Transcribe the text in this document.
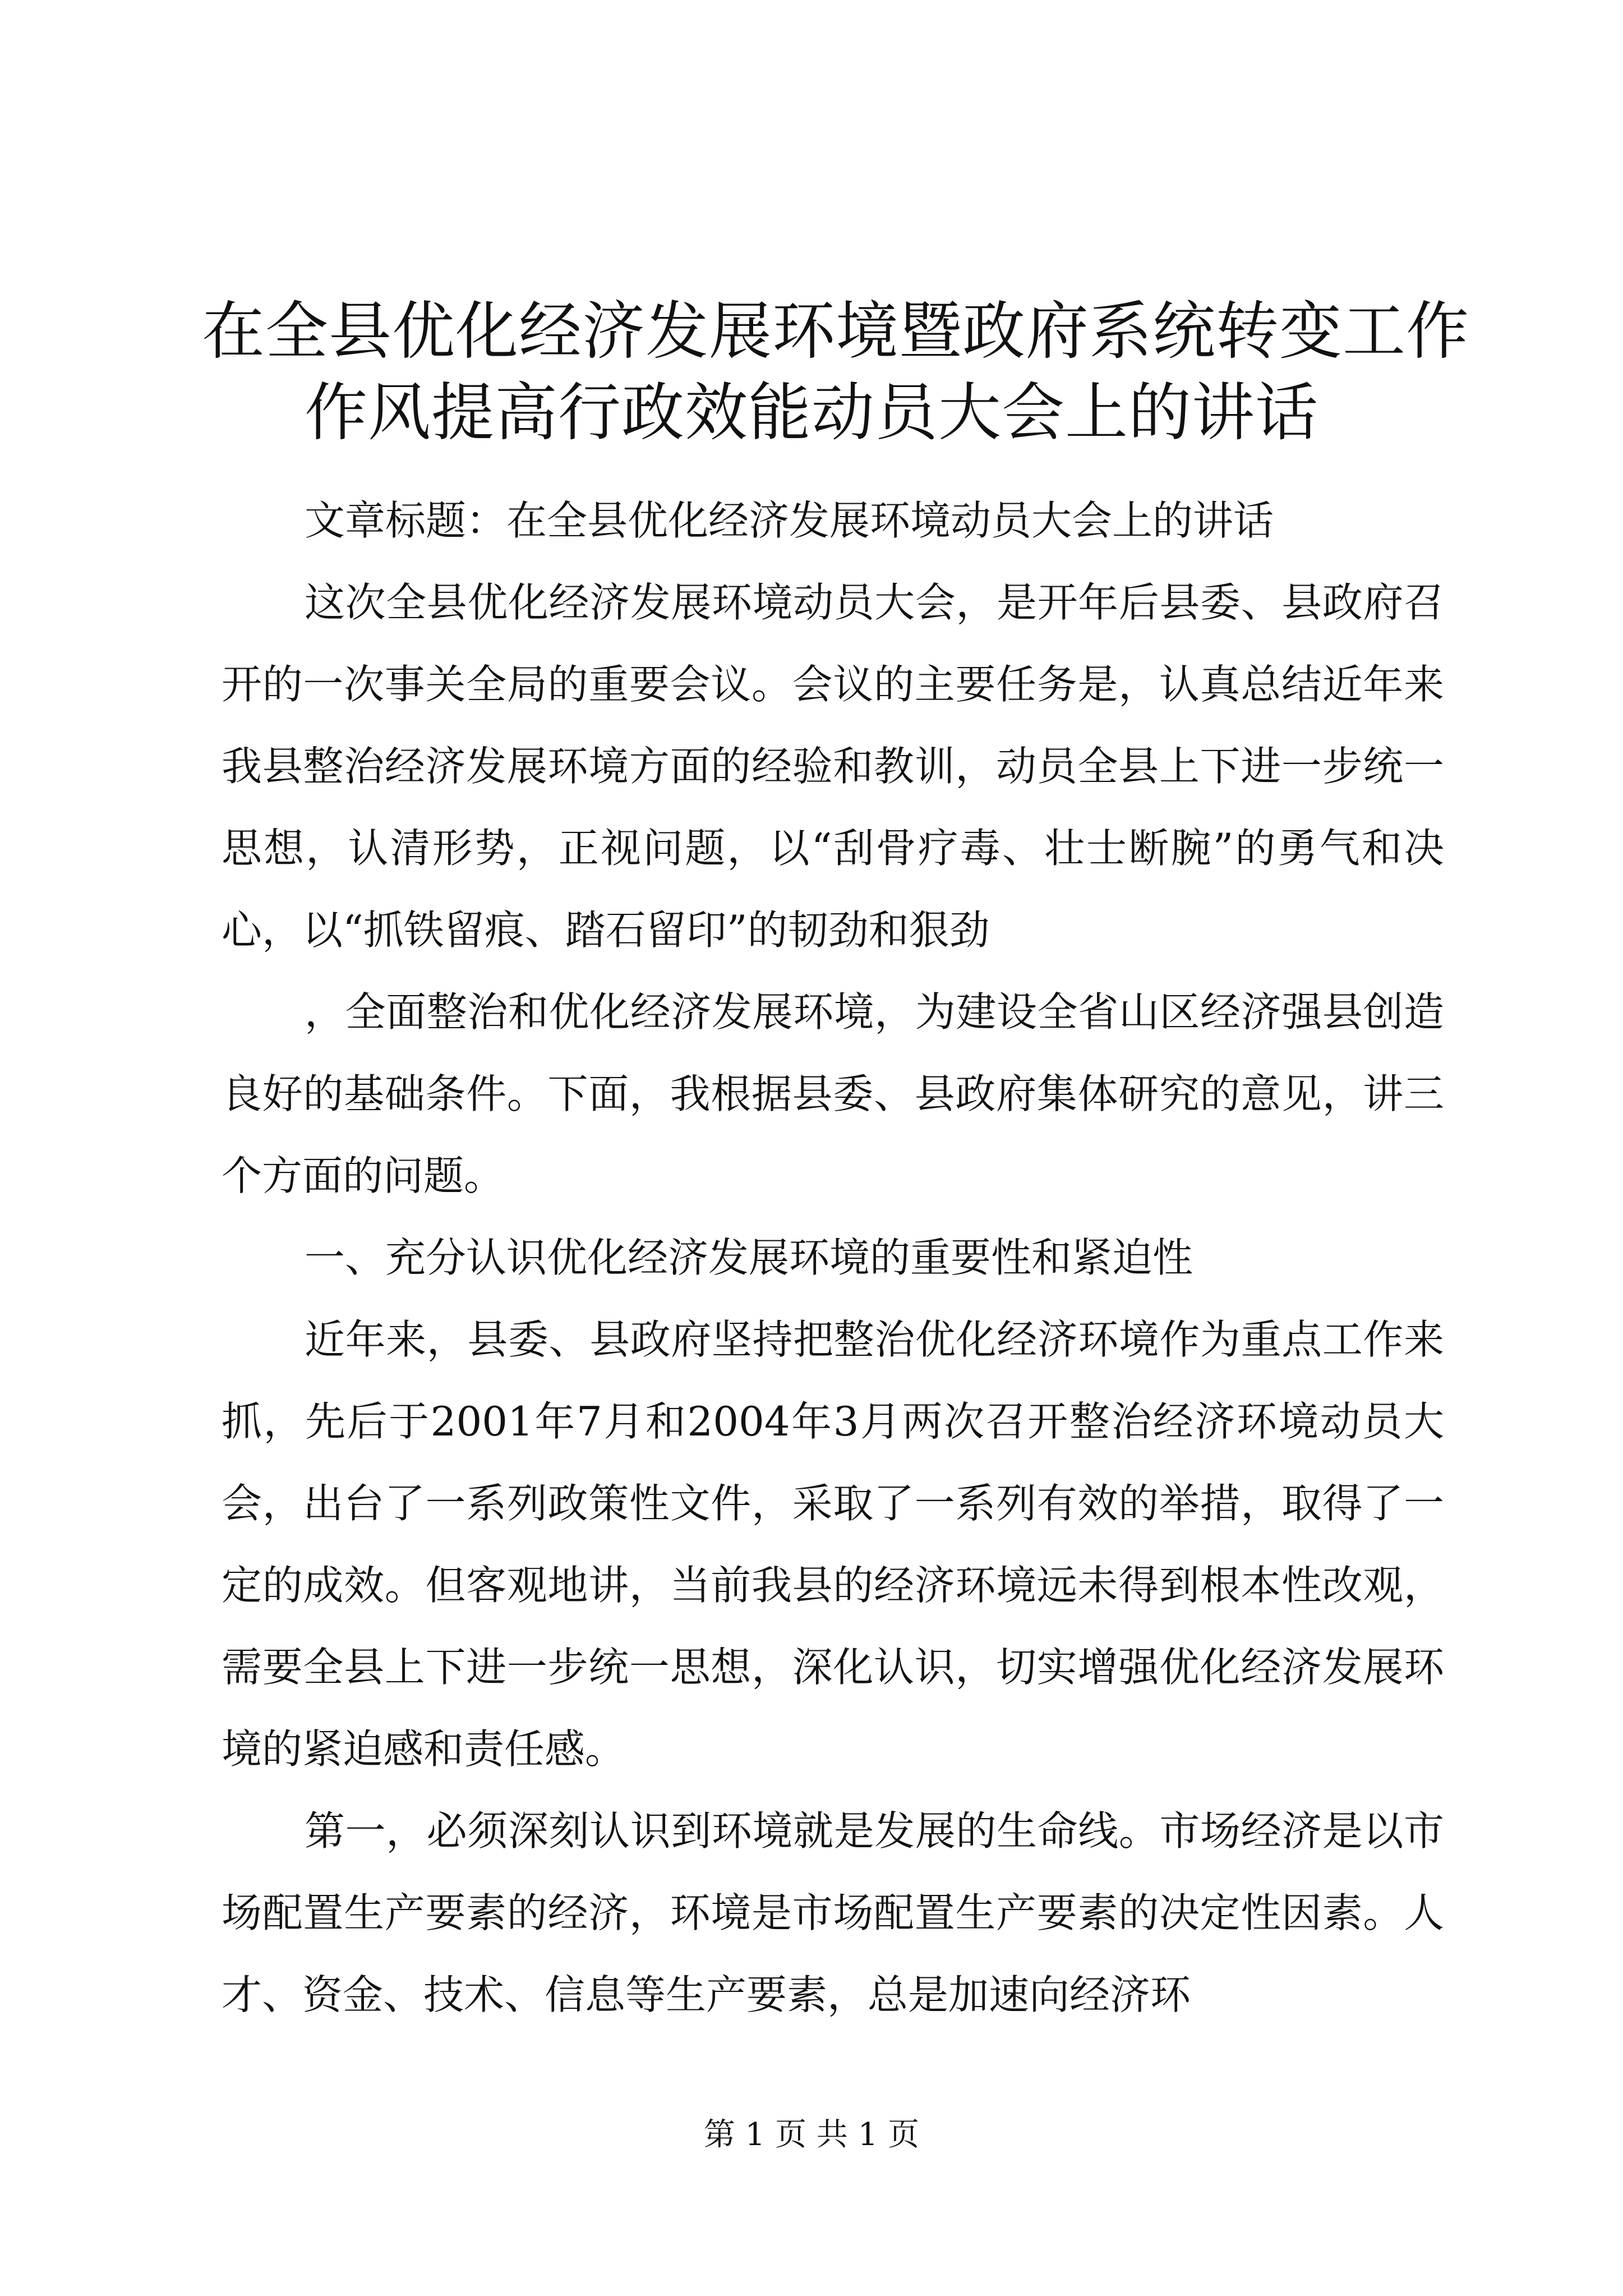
在全县优化经济发展环境暨政府系统转变工作
作风提高行政效能动员大会上的讲话

文章标题：在全县优化经济发展环境动员大会上的讲话

这次全县优化经济发展环境动员大会，是开年后县委、县政府召开的一次事关全局的重要会议。会议的主要任务是，认真总结近年来我县整治经济发展环境方面的经验和教训，动员全县上下进一步统一思想，认清形势，正视问题，以“刮骨疗毒、壮士断腕”的勇气和决心，以“抓铁留痕、踏石留印”的韧劲和狠劲

，全面整治和优化经济发展环境，为建设全省山区经济强县创造良好的基础条件。下面，我根据县委、县政府集体研究的意见，讲三个方面的问题。

一、充分认识优化经济发展环境的重要性和紧迫性

近年来，县委、县政府坚持把整治优化经济环境作为重点工作来抓，先后于2001年7月和2004年3月两次召开整治经济环境动员大会，出台了一系列政策性文件，采取了一系列有效的举措，取得了一定的成效。但客观地讲，当前我县的经济环境远未得到根本性改观，需要全县上下进一步统一思想，深化认识，切实增强优化经济发展环境的紧迫感和责任感。

第一，必须深刻认识到环境就是发展的生命线。市场经济是以市场配置生产要素的经济，环境是市场配置生产要素的决定性因素。人才、资金、技术、信息等生产要素，总是加速向经济环

第 1 页 共 1 页
